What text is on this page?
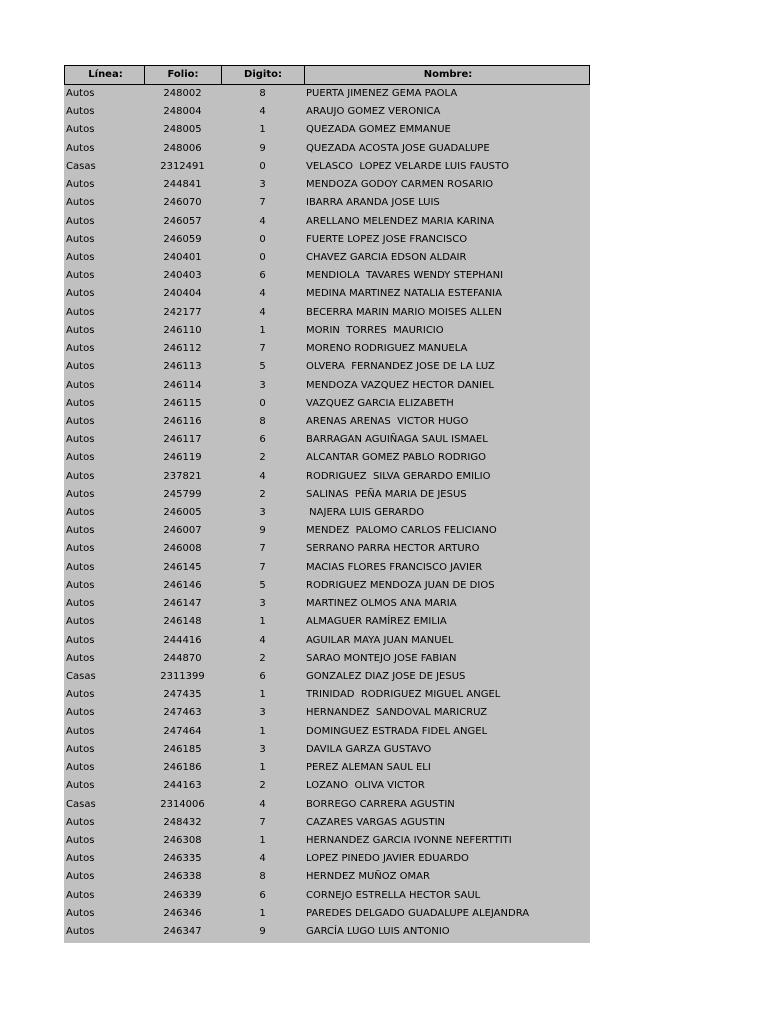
Línea:	Folio:	Digito:	Nombre:
Autos	248002	8	PUERTA JIMENEZ GEMA PAOLA
Autos	248004	4	ARAUJO GOMEZ VERONICA
Autos	248005	1	QUEZADA GOMEZ EMMANUE
Autos	248006	9	QUEZADA ACOSTA JOSE GUADALUPE
Casas	2312491	0	VELASCO  LOPEZ VELARDE LUIS FAUSTO
Autos	244841	3	MENDOZA GODOY CARMEN ROSARIO
Autos	246070	7	IBARRA ARANDA JOSE LUIS
Autos	246057	4	ARELLANO MELENDEZ MARIA KARINA
Autos	246059	0	FUERTE LOPEZ JOSE FRANCISCO
Autos	240401	0	CHAVEZ GARCIA EDSON ALDAIR
Autos	240403	6	MENDIOLA  TAVARES WENDY STEPHANI
Autos	240404	4	MEDINA MARTINEZ NATALIA ESTEFANIA
Autos	242177	4	BECERRA MARIN MARIO MOISES ALLEN
Autos	246110	1	MORIN  TORRES  MAURICIO
Autos	246112	7	MORENO RODRIGUEZ MANUELA
Autos	246113	5	OLVERA  FERNANDEZ JOSE DE LA LUZ
Autos	246114	3	MENDOZA VAZQUEZ HECTOR DANIEL
Autos	246115	0	VAZQUEZ GARCIA ELIZABETH
Autos	246116	8	ARENAS ARENAS  VICTOR HUGO
Autos	246117	6	BARRAGAN AGUIÑAGA SAUL ISMAEL
Autos	246119	2	ALCANTAR GOMEZ PABLO RODRIGO
Autos	237821	4	RODRIGUEZ  SILVA GERARDO EMILIO
Autos	245799	2	SALINAS  PEÑA MARIA DE JESUS
Autos	246005	3	NAJERA LUIS GERARDO
Autos	246007	9	MENDEZ  PALOMO CARLOS FELICIANO
Autos	246008	7	SERRANO PARRA HECTOR ARTURO
Autos	246145	7	MACIAS FLORES FRANCISCO JAVIER
Autos	246146	5	RODRIGUEZ MENDOZA JUAN DE DIOS
Autos	246147	3	MARTINEZ OLMOS ANA MARIA
Autos	246148	1	ALMAGUER RAMÍREZ EMILIA
Autos	244416	4	AGUILAR MAYA JUAN MANUEL
Autos	244870	2	SARAO MONTEJO JOSE FABIAN
Casas	2311399	6	GONZALEZ DIAZ JOSE DE JESUS
Autos	247435	1	TRINIDAD  RODRIGUEZ MIGUEL ANGEL
Autos	247463	3	HERNANDEZ  SANDOVAL MARICRUZ
Autos	247464	1	DOMINGUEZ ESTRADA FIDEL ANGEL
Autos	246185	3	DAVILA GARZA GUSTAVO
Autos	246186	1	PEREZ ALEMAN SAUL ELI
Autos	244163	2	LOZANO  OLIVA VICTOR
Casas	2314006	4	BORREGO CARRERA AGUSTIN
Autos	248432	7	CAZARES VARGAS AGUSTIN
Autos	246308	1	HERNANDEZ GARCIA IVONNE NEFERTTITI
Autos	246335	4	LOPEZ PINEDO JAVIER EDUARDO
Autos	246338	8	HERNDEZ MUÑOZ OMAR
Autos	246339	6	CORNEJO ESTRELLA HECTOR SAUL
Autos	246346	1	PAREDES DELGADO GUADALUPE ALEJANDRA
Autos	246347	9	GARCÍA LUGO LUIS ANTONIO
